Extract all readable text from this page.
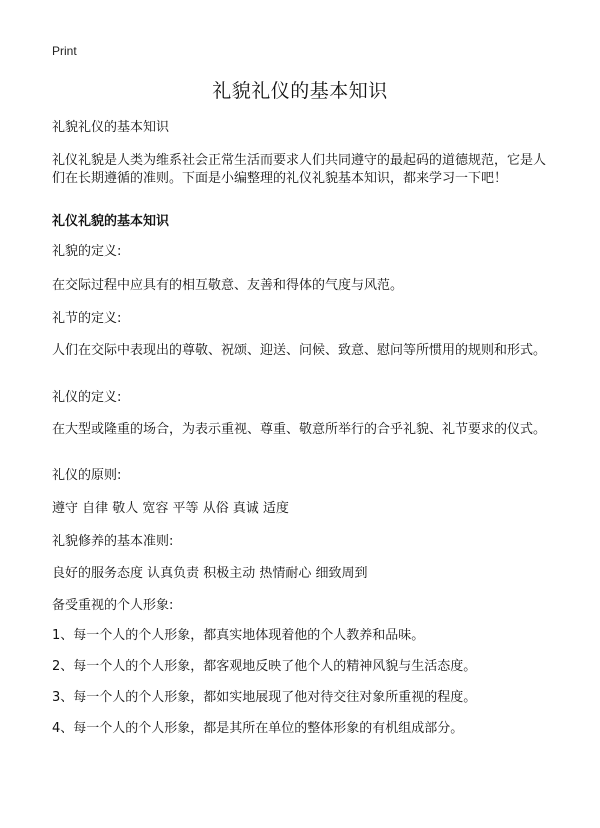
Print
礼貌礼仪的基本知识

礼貌礼仪的基本知识

礼仪礼貌是人类为维系社会正常生活而要求人们共同遵守的最起码的道德规范，它是人们在长期遵循的准则。下面是小编整理的礼仪礼貌基本知识，都来学习一下吧！

礼仪礼貌的基本知识

礼貌的定义:

在交际过程中应具有的相互敬意、友善和得体的气度与风范。

礼节的定义:

人们在交际中表现出的尊敬、祝颂、迎送、问候、致意、慰问等所惯用的规则和形式。

礼仪的定义:

在大型或隆重的场合，为表示重视、尊重、敬意所举行的合乎礼貌、礼节要求的仪式。

礼仪的原则:

遵守 自律 敬人 宽容 平等 从俗 真诚 适度

礼貌修养的基本准则:

良好的服务态度 认真负责 积极主动 热情耐心 细致周到

备受重视的个人形象:

1、每一个人的个人形象，都真实地体现着他的个人教养和品味。

2、每一个人的个人形象，都客观地反映了他个人的精神风貌与生活态度。

3、每一个人的个人形象，都如实地展现了他对待交往对象所重视的程度。

4、每一个人的个人形象，都是其所在单位的整体形象的有机组成部分。
